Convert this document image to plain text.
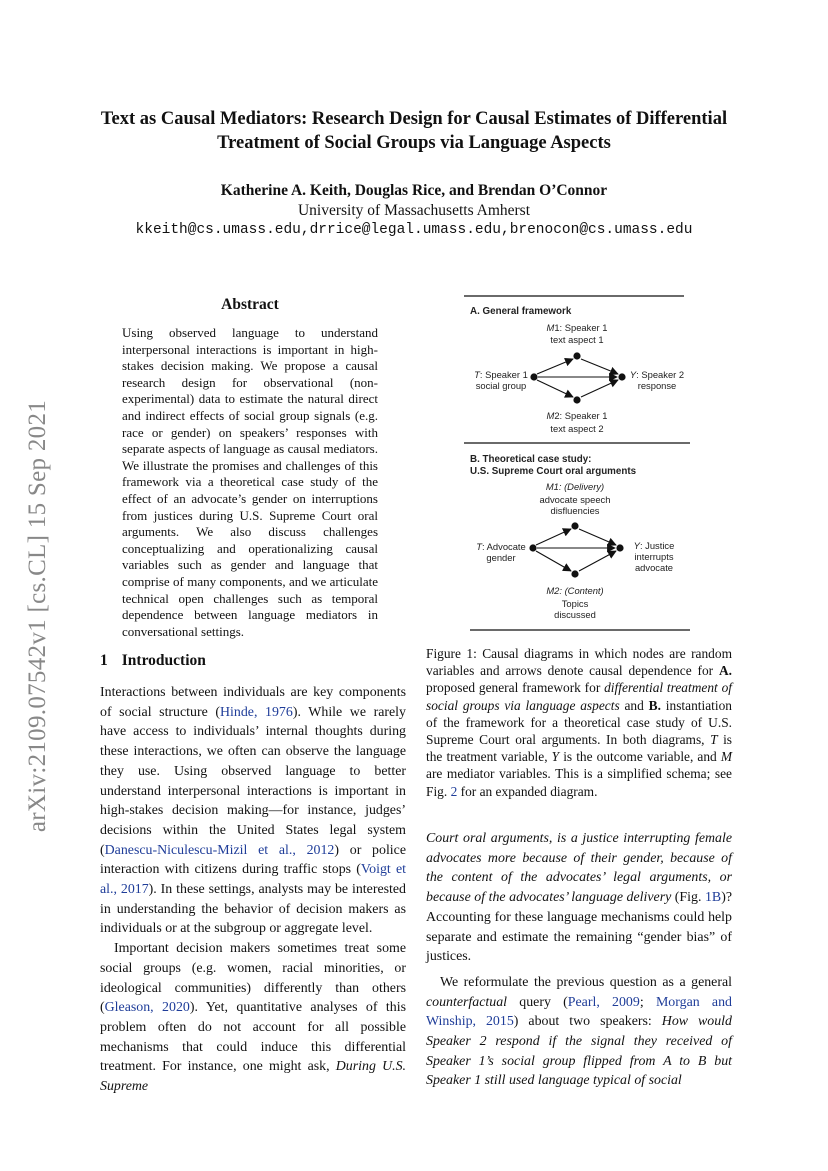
arXiv:2109.07542v1 [cs.CL] 15 Sep 2021
Text as Causal Mediators: Research Design for Causal Estimates of Differential Treatment of Social Groups via Language Aspects
Katherine A. Keith, Douglas Rice, and Brendan O’Connor
University of Massachusetts Amherst
kkeith@cs.umass.edu,drrice@legal.umass.edu,brenocon@cs.umass.edu
Abstract

Using observed language to understand interpersonal interactions is important in high-stakes decision making. We propose a causal research design for observational (non-experimental) data to estimate the natural direct and indirect effects of social group signals (e.g. race or gender) on speakers’ responses with separate aspects of language as causal mediators. We illustrate the promises and challenges of this framework via a theoretical case study of the effect of an advocate’s gender on interruptions from justices during U.S. Supreme Court oral arguments. We also discuss challenges conceptualizing and operationalizing causal variables such as gender and language that comprise of many components, and we articulate technical open challenges such as temporal dependence between language mediators in conversational settings.

1 Introduction

Interactions between individuals are key components of social structure (Hinde, 1976). While we rarely have access to individuals’ internal thoughts during these interactions, we often can observe the language they use. Using observed language to better understand interpersonal interactions is important in high-stakes decision making—for instance, judges’ decisions within the United States legal system (Danescu-Niculescu-Mizil et al., 2012) or police interaction with citizens during traffic stops (Voigt et al., 2017). In these settings, analysts may be interested in understanding the behavior of decision makers as individuals or at the subgroup or aggregate level.

Important decision makers sometimes treat some social groups (e.g. women, racial minorities, or ideological communities) differently than others (Gleason, 2020). Yet, quantitative analyses of this problem often do not account for all possible mechanisms that could induce this differential treatment. For instance, one might ask, During U.S. Supreme

A. General framework
M1: Speaker 1
text aspect 1
T: Speaker 1
social group
Y: Speaker 2
response
M2: Speaker 1
text aspect 2
B. Theoretical case study:
U.S. Supreme Court oral arguments
M1: (Delivery)
advocate speech
disfluencies
T: Advocate
gender
Y: Justice
interrupts
advocate
M2: (Content)
Topics
discussed

Figure 1: Causal diagrams in which nodes are random variables and arrows denote causal dependence for A. proposed general framework for differential treatment of social groups via language aspects and B. instantiation of the framework for a theoretical case study of U.S. Supreme Court oral arguments. In both diagrams, T is the treatment variable, Y is the outcome variable, and M are mediator variables. This is a simplified schema; see Fig. 2 for an expanded diagram.

Court oral arguments, is a justice interrupting female advocates more because of their gender, because of the content of the advocates’ legal arguments, or because of the advocates’ language delivery (Fig. 1B)? Accounting for these language mechanisms could help separate and estimate the remaining “gender bias” of justices.

We reformulate the previous question as a general counterfactual query (Pearl, 2009; Morgan and Winship, 2015) about two speakers: How would Speaker 2 respond if the signal they received of Speaker 1’s social group flipped from A to B but Speaker 1 still used language typical of social
